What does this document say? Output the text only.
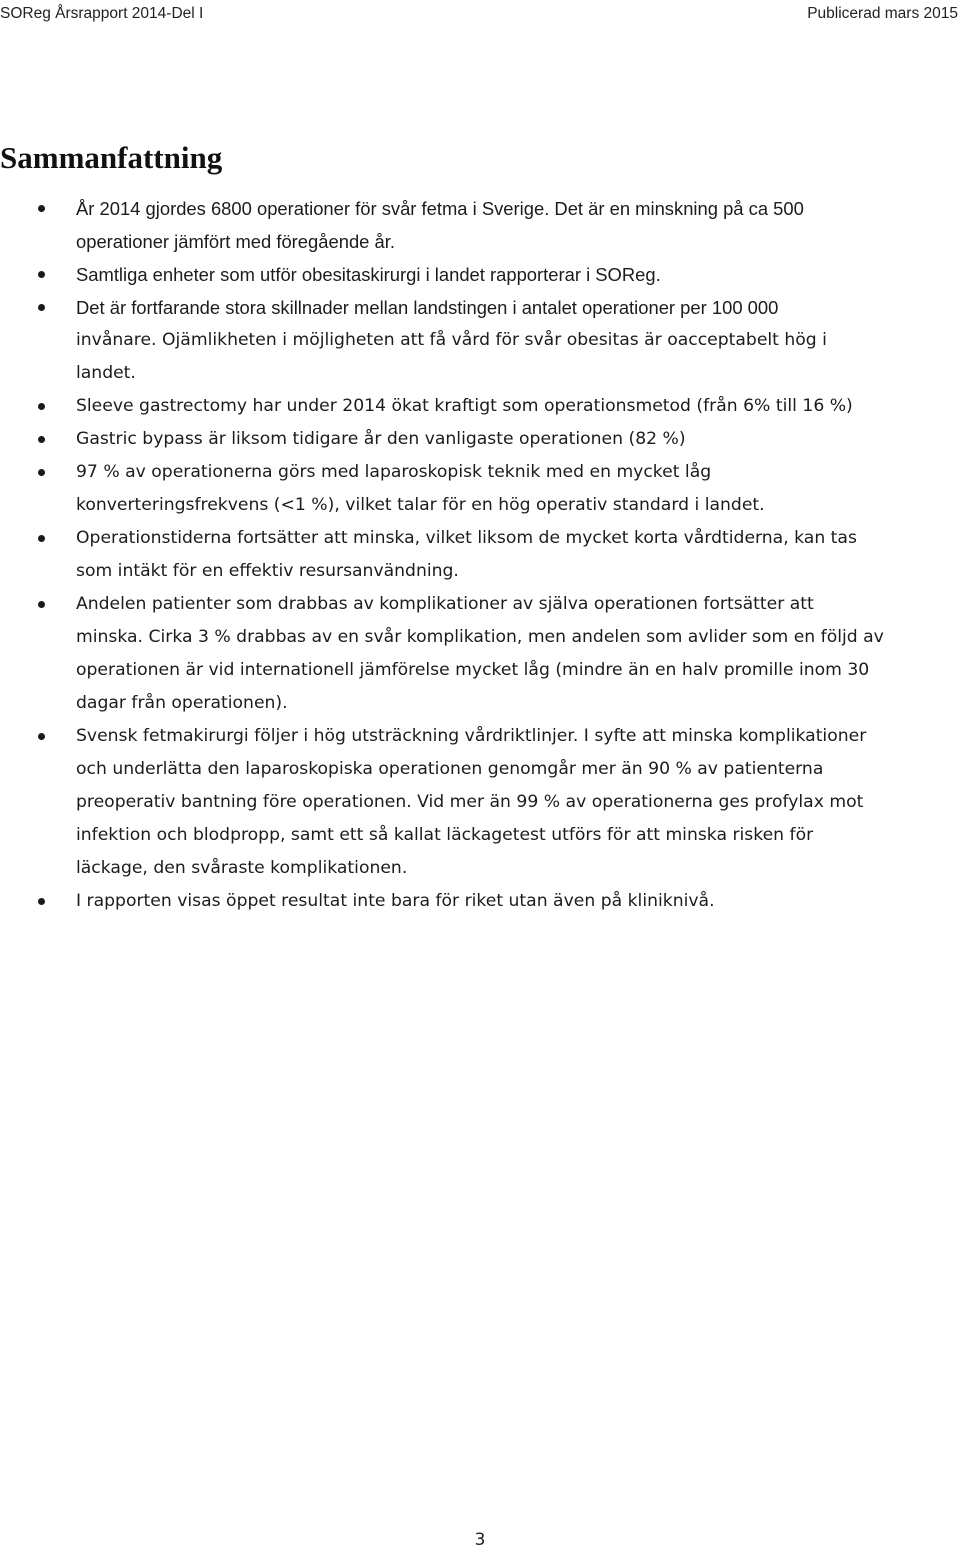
SOReg Årsrapport 2014-Del I	Publicerad mars 2015
Sammanfattning
År 2014 gjordes 6800 operationer för svår fetma i Sverige. Det är en minskning på ca 500
operationer jämfört med föregående år.
Samtliga enheter som utför obesitaskirurgi i landet rapporterar i SOReg.
Det är fortfarande stora skillnader mellan landstingen i antalet operationer per 100 000
invånare. Ojämlikheten i möjligheten att få vård för svår obesitas är oacceptabelt hög i
landet.
Sleeve gastrectomy har under 2014 ökat kraftigt som operationsmetod (från 6% till 16 %)
Gastric bypass är liksom tidigare år den vanligaste operationen (82 %)
97 % av operationerna görs med laparoskopisk teknik med en mycket låg
konverteringsfrekvens (<1 %), vilket talar för en hög operativ standard i landet.
Operationstiderna fortsätter att minska, vilket liksom de mycket korta vårdtiderna, kan tas
som intäkt för en effektiv resursanvändning.
Andelen patienter som drabbas av komplikationer av själva operationen fortsätter att
minska. Cirka 3 % drabbas av en svår komplikation, men andelen som avlider som en följd av
operationen är vid internationell jämförelse mycket låg (mindre än en halv promille inom 30
dagar från operationen).
Svensk fetmakirurgi följer i hög utsträckning vårdriktlinjer. I syfte att minska komplikationer
och underlätta den laparoskopiska operationen genomgår mer än 90 % av patienterna
preoperativ bantning före operationen. Vid mer än 99 % av operationerna ges profylax mot
infektion och blodpropp, samt ett så kallat läckagetest utförs för att minska risken för
läckage, den svåraste komplikationen.
I rapporten visas öppet resultat inte bara för riket utan även på kliniknivå.
3
